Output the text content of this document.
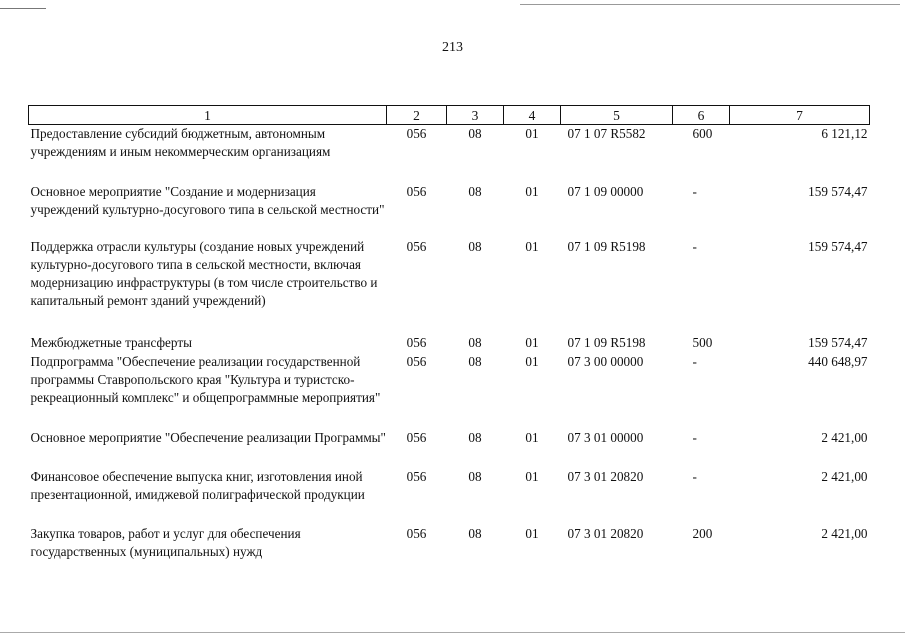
213
1	2	3	4	5	6	7
Предоставление субсидий бюджетным, автономным учреждениям и иным некоммерческим организациям	056	08	01	07 1 07 R5582	600	6 121,12
Основное мероприятие "Создание и модернизация учреждений культурно-досугового типа в сельской местности"	056	08	01	07 1 09 00000	-	159 574,47
Поддержка отрасли культуры (создание новых учреждений культурно-досугового типа в сельской местности, включая модернизацию инфраструктуры (в том числе строительство и капитальный ремонт зданий учреждений)	056	08	01	07 1 09 R5198	-	159 574,47
Межбюджетные трансферты	056	08	01	07 1 09 R5198	500	159 574,47
Подпрограмма "Обеспечение реализации государственной программы Ставропольского края "Культура и туристско-рекреационный комплекс" и общепрограммные мероприятия"	056	08	01	07 3 00 00000	-	440 648,97
Основное мероприятие "Обеспечение реализации Программы"	056	08	01	07 3 01 00000	-	2 421,00
Финансовое обеспечение выпуска книг, изготовления иной презентационной, имиджевой полиграфической продукции	056	08	01	07 3 01 20820	-	2 421,00
Закупка товаров, работ и услуг для обеспечения государственных (муниципальных) нужд	056	08	01	07 3 01 20820	200	2 421,00
